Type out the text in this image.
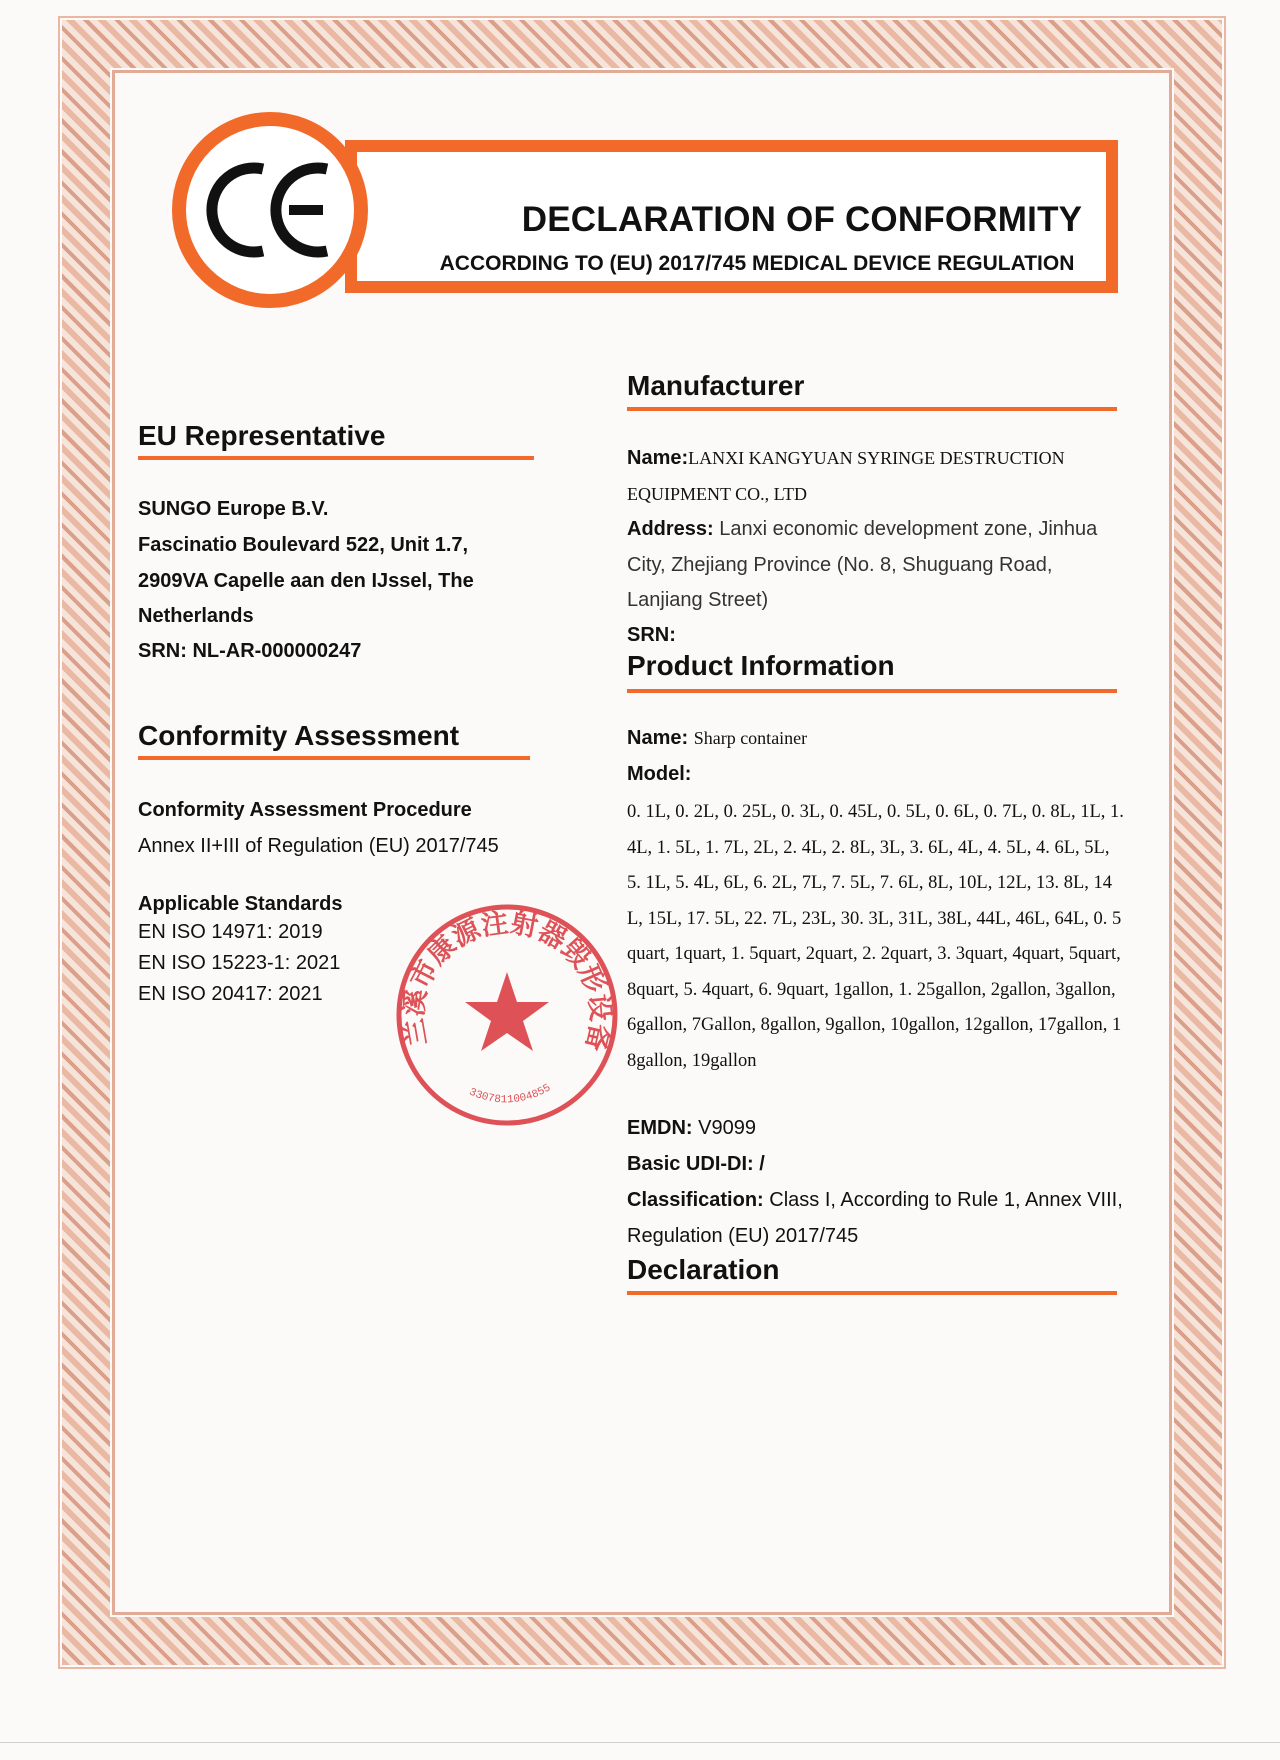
DECLARATION OF CONFORMITY
ACCORDING TO (EU) 2017/745 MEDICAL DEVICE REGULATION
Manufacturer
Name:LANXI KANGYUAN SYRINGE DESTRUCTION EQUIPMENT CO., LTD
Address: Lanxi economic development zone, Jinhua City, Zhejiang Province (No. 8, Shuguang Road, Lanjiang Street)
SRN:
Product Information
Name: Sharp container
Model:
0. 1L, 0. 2L, 0. 25L, 0. 3L, 0. 45L, 0. 5L, 0. 6L, 0. 7L, 0. 8L, 1L, 1. 4L, 1. 5L, 1. 7L, 2L, 2. 4L, 2. 8L, 3L, 3. 6L, 4L, 4. 5L, 4. 6L, 5L, 5. 1L, 5. 4L, 6L, 6. 2L, 7L, 7. 5L, 7. 6L, 8L, 10L, 12L, 13. 8L, 14L, 15L, 17. 5L, 22. 7L, 23L, 30. 3L, 31L, 38L, 44L, 46L, 64L, 0. 5quart, 1quart, 1. 5quart, 2quart, 2. 2quart, 3. 3quart, 4quart, 5quart, 8quart, 5. 4quart, 6. 9quart, 1gallon, 1. 25gallon, 2gallon, 3gallon, 6gallon, 7Gallon, 8gallon, 9gallon, 10gallon, 12gallon, 17gallon, 18gallon, 19gallon
EMDN: V9099
Basic UDI-DI: /
Classification: Class I, According to Rule 1, Annex VIII, Regulation (EU) 2017/745
Declaration
EU Representative
SUNGO Europe B.V.
Fascinatio Boulevard 522, Unit 1.7,
2909VA Capelle aan den IJssel, The
Netherlands
SRN: NL-AR-000000247
Conformity Assessment
Conformity Assessment Procedure
Annex II+III of Regulation (EU) 2017/745
Applicable Standards
EN ISO 14971: 2019
EN ISO 15223-1: 2021
EN ISO 20417: 2021
兰溪市康源注射器毁形设备
3307811004855
